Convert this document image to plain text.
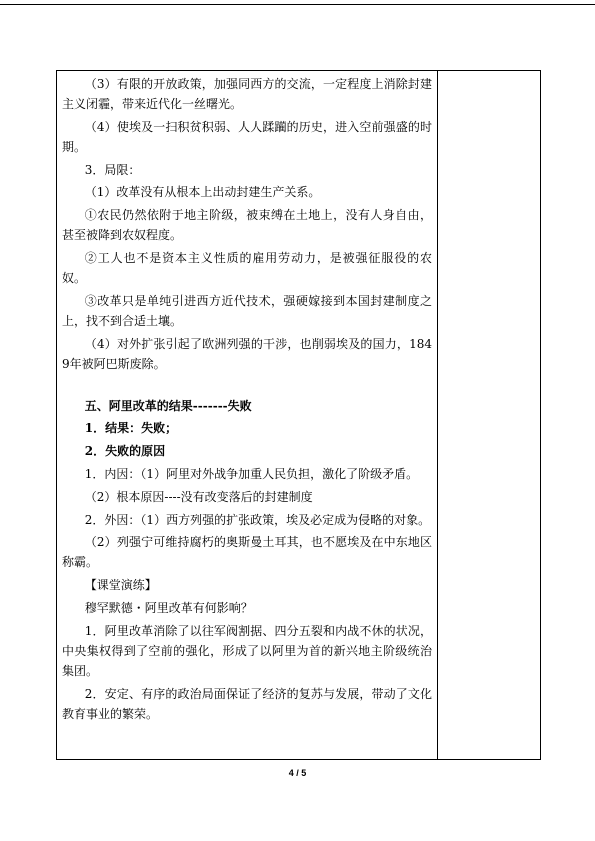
（3）有限的开放政策，加强同西方的交流，一定程度上消除封建主义闭霾，带来近代化一丝曙光。

（4）使埃及一扫积贫积弱、人人蹂躏的历史，进入空前强盛的时期。

3．局限：

（1）改革没有从根本上出动封建生产关系。

①农民仍然依附于地主阶级，被束缚在土地上，没有人身自由，甚至被降到农奴程度。

②工人也不是资本主义性质的雇用劳动力，是被强征服役的农奴。

③改革只是单纯引进西方近代技术，强硬嫁接到本国封建制度之上，找不到合适土壤。

（4）对外扩张引起了欧洲列强的干涉，也削弱埃及的国力，1849年被阿巴斯废除。

五、阿里改革的结果-------失败

1．结果：失败；

2．失败的原因

1．内因：（1）阿里对外战争加重人民负担，激化了阶级矛盾。

（2）根本原因----没有改变落后的封建制度

2．外因：（1）西方列强的扩张政策，埃及必定成为侵略的对象。

（2）列强宁可维持腐朽的奥斯曼土耳其，也不愿埃及在中东地区称霸。

【课堂演练】

穆罕默德・阿里改革有何影响？

1．阿里改革消除了以往军阀割据、四分五裂和内战不休的状况，中央集权得到了空前的强化，形成了以阿里为首的新兴地主阶级统治集团。

2．安定、有序的政治局面保证了经济的复苏与发展，带动了文化教育事业的繁荣。

4 / 5
